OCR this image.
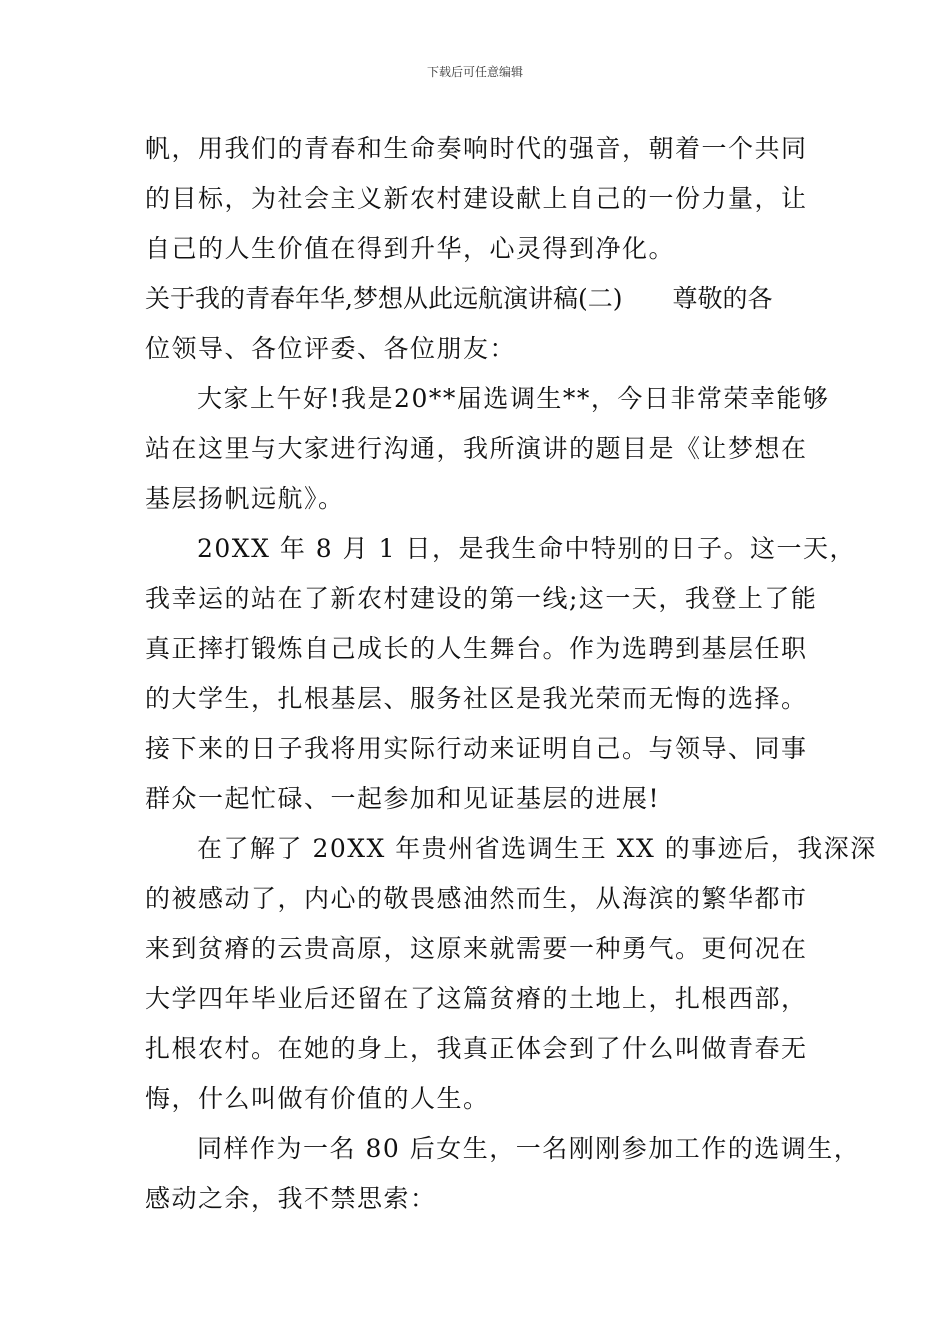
下载后可任意编辑
帆，用我们的青春和生命奏响时代的强音，朝着一个共同
的目标，为社会主义新农村建设献上自己的一份力量，让
自己的人生价值在得到升华，心灵得到净化。
关于我的青春年华,梦想从此远航演讲稿(二)　　尊敬的各
位领导、各位评委、各位朋友：
大家上午好!我是20**届选调生**，今日非常荣幸能够
站在这里与大家进行沟通，我所演讲的题目是《让梦想在
基层扬帆远航》。
20XX 年 8 月 1 日，是我生命中特别的日子。这一天，
我幸运的站在了新农村建设的第一线;这一天，我登上了能
真正摔打锻炼自己成长的人生舞台。作为选聘到基层任职
的大学生，扎根基层、服务社区是我光荣而无悔的选择。
接下来的日子我将用实际行动来证明自己。与领导、同事
群众一起忙碌、一起参加和见证基层的进展!
在了解了 20XX 年贵州省选调生王 XX 的事迹后，我深深
的被感动了，内心的敬畏感油然而生，从海滨的繁华都市
来到贫瘠的云贵高原，这原来就需要一种勇气。更何况在
大学四年毕业后还留在了这篇贫瘠的土地上，扎根西部，
扎根农村。在她的身上，我真正体会到了什么叫做青春无
悔，什么叫做有价值的人生。
同样作为一名 80 后女生，一名刚刚参加工作的选调生，
感动之余，我不禁思索：
